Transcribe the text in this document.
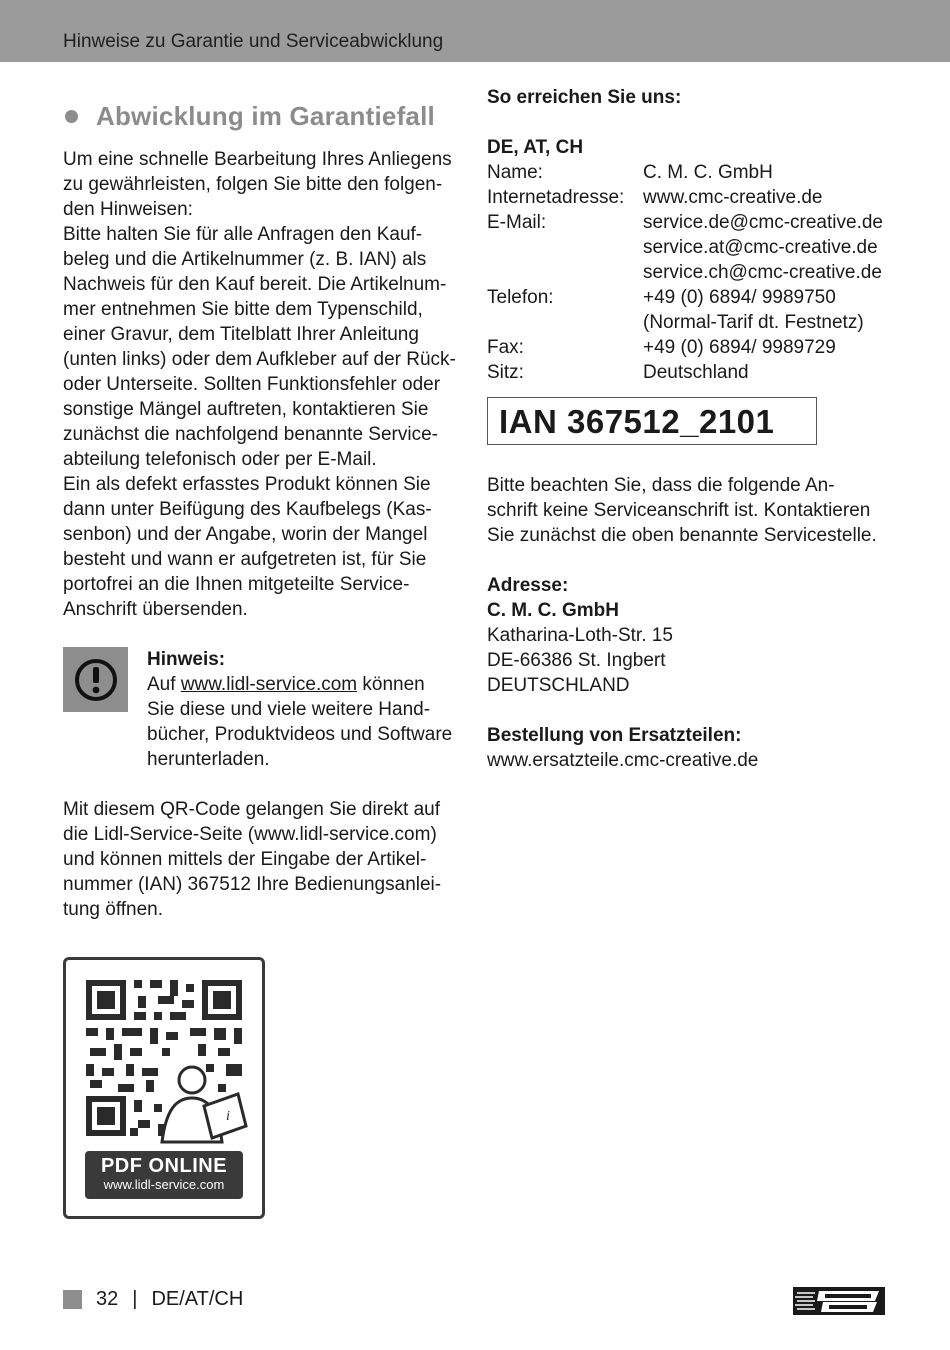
Hinweise zu Garantie und Serviceabwicklung
Abwicklung im Garantiefall

Um eine schnelle Bearbeitung Ihres Anliegens
zu gewährleisten, folgen Sie bitte den folgen-
den Hinweisen:
Bitte halten Sie für alle Anfragen den Kauf-
beleg und die Artikelnummer (z. B. IAN) als
Nachweis für den Kauf bereit. Die Artikelnum-
mer entnehmen Sie bitte dem Typenschild,
einer Gravur, dem Titelblatt Ihrer Anleitung
(unten links) oder dem Aufkleber auf der Rück-
oder Unterseite. Sollten Funktionsfehler oder
sonstige Mängel auftreten, kontaktieren Sie
zunächst die nachfolgend benannte Service-
abteilung telefonisch oder per E-Mail.
Ein als defekt erfasstes Produkt können Sie
dann unter Beifügung des Kaufbelegs (Kas-
senbon) und der Angabe, worin der Mangel
besteht und wann er aufgetreten ist, für Sie
portofrei an die Ihnen mitgeteilte Service-
Anschrift übersenden.

Hinweis:
Auf www.lidl-service.com können
Sie diese und viele weitere Hand-
bücher, Produktvideos und Software
herunterladen.

Mit diesem QR-Code gelangen Sie direkt auf
die Lidl-Service-Seite (www.lidl-service.com)
und können mittels der Eingabe der Artikel-
nummer (IAN) 367512 Ihre Bedienungsanlei-
tung öffnen.

i
PDF ONLINE
www.lidl-service.com
So erreichen Sie uns:
DE, AT, CH
Name:	C. M. C. GmbH
Internetadresse: www.cmc-creative.de
E-Mail:	service.de@cmc-creative.de
service.at@cmc-creative.de
service.ch@cmc-creative.de
Telefon:	+49 (0) 6894/ 9989750
(Normal-Tarif dt. Festnetz)
Fax:	+49 (0) 6894/ 9989729
Sitz:	Deutschland
IAN 367512_2101

Bitte beachten Sie, dass die folgende An-
schrift keine Serviceanschrift ist. Kontaktieren
Sie zunächst die oben benannte Servicestelle.

Adresse:
C. M. C. GmbH
Katharina-Loth-Str. 15
DE-66386 St. Ingbert
DEUTSCHLAND
Bestellung von Ersatzteilen:
www.ersatzteile.cmc-creative.de
32 | DE/AT/CH
